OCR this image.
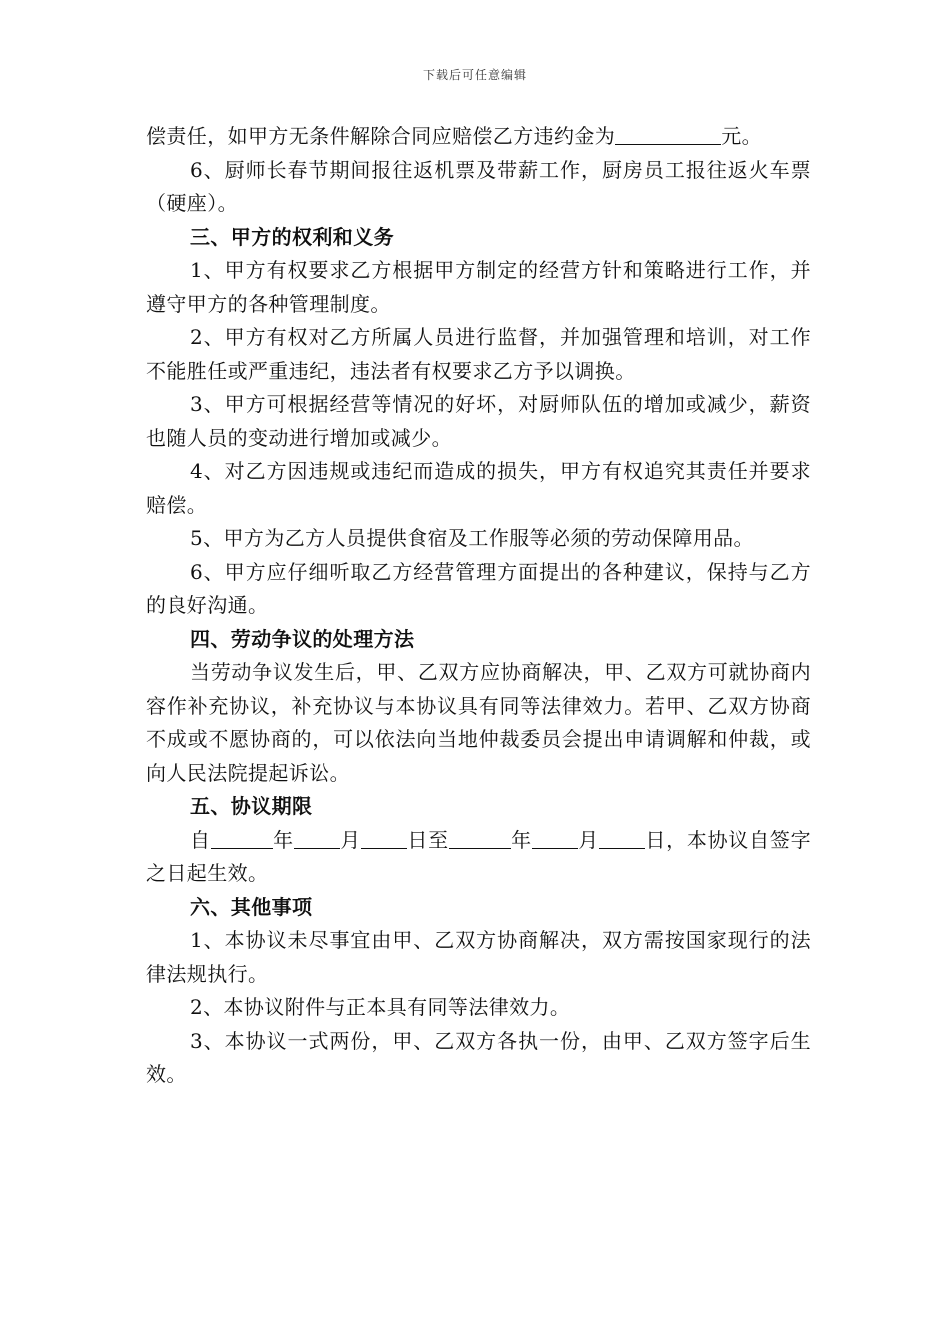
下载后可任意编辑

偿责任，如甲方无条件解除合同应赔偿乙方违约金为	元。

6、厨师长春节期间报往返机票及带薪工作，厨房员工报往返火车票（硬座）。

三、甲方的权利和义务

1、甲方有权要求乙方根据甲方制定的经营方针和策略进行工作，并遵守甲方的各种管理制度。

2、甲方有权对乙方所属人员进行监督，并加强管理和培训，对工作不能胜任或严重违纪，违法者有权要求乙方予以调换。

3、甲方可根据经营等情况的好坏，对厨师队伍的增加或减少，薪资也随人员的变动进行增加或减少。

4、对乙方因违规或违纪而造成的损失，甲方有权追究其责任并要求赔偿。

5、甲方为乙方人员提供食宿及工作服等必须的劳动保障用品。

6、甲方应仔细听取乙方经营管理方面提出的各种建议，保持与乙方的良好沟通。

四、劳动争议的处理方法

当劳动争议发生后，甲、乙双方应协商解决，甲、乙双方可就协商内容作补充协议，补充协议与本协议具有同等法律效力。若甲、乙双方协商不成或不愿协商的，可以依法向当地仲裁委员会提出申请调解和仲裁，或向人民法院提起诉讼。

五、协议期限

自	年 月 日至	年 月 日，本协议自签字之日起生效。

六、其他事项

1、本协议未尽事宜由甲、乙双方协商解决，双方需按国家现行的法律法规执行。

2、本协议附件与正本具有同等法律效力。

3、本协议一式两份，甲、乙双方各执一份，由甲、乙双方签字后生效。
